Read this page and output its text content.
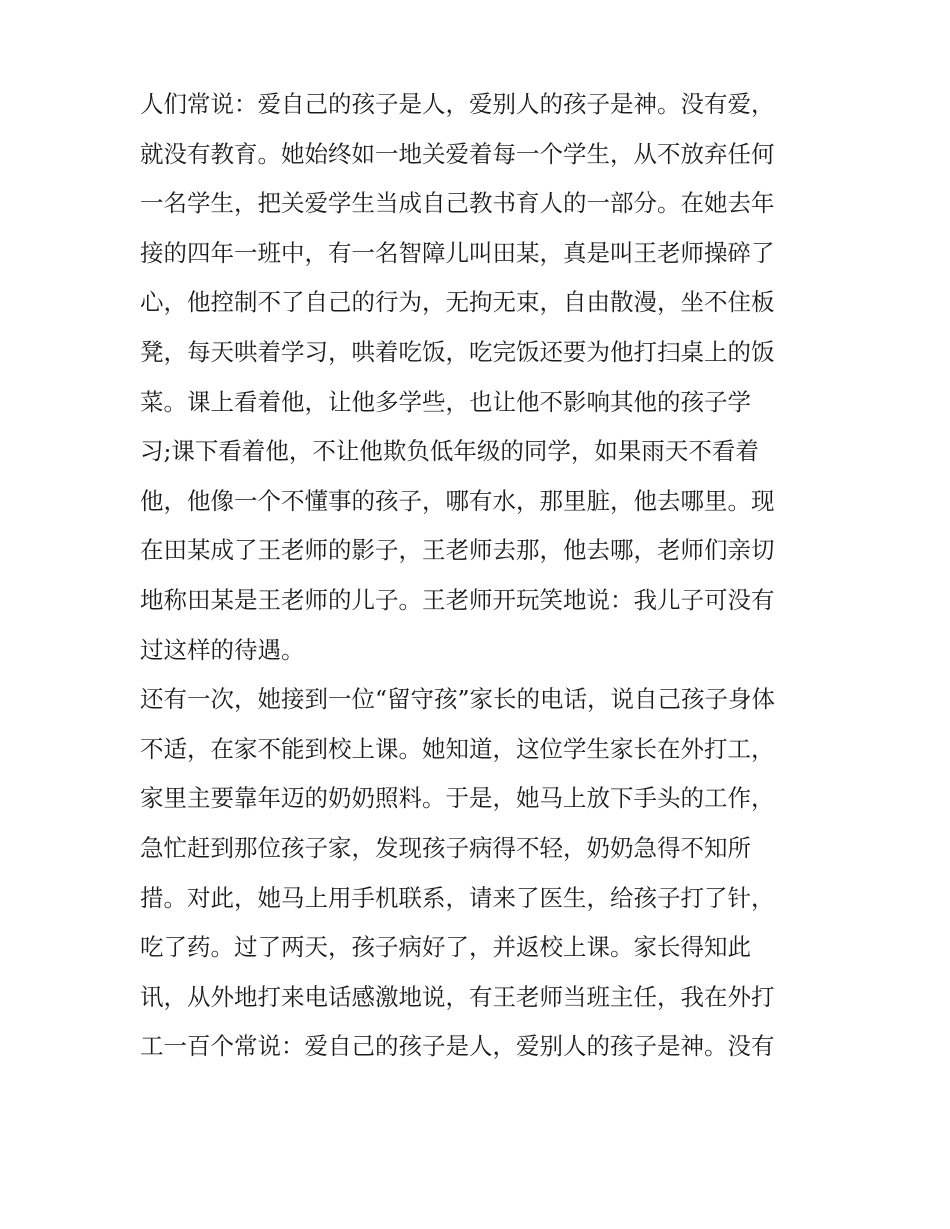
人们常说：爱自己的孩子是人，爱别人的孩子是神。没有爱，
就没有教育。她始终如一地关爱着每一个学生，从不放弃任何
一名学生，把关爱学生当成自己教书育人的一部分。在她去年
接的四年一班中，有一名智障儿叫田某，真是叫王老师操碎了
心，他控制不了自己的行为，无拘无束，自由散漫，坐不住板
凳，每天哄着学习，哄着吃饭，吃完饭还要为他打扫桌上的饭
菜。课上看着他，让他多学些，也让他不影响其他的孩子学
习;课下看着他，不让他欺负低年级的同学，如果雨天不看着
他，他像一个不懂事的孩子，哪有水，那里脏，他去哪里。现
在田某成了王老师的影子，王老师去那，他去哪，老师们亲切
地称田某是王老师的儿子。王老师开玩笑地说：我儿子可没有
过这样的待遇。
还有一次，她接到一位“留守孩”家长的电话，说自己孩子身体
不适，在家不能到校上课。她知道，这位学生家长在外打工，
家里主要靠年迈的奶奶照料。于是，她马上放下手头的工作，
急忙赶到那位孩子家，发现孩子病得不轻，奶奶急得不知所
措。对此，她马上用手机联系，请来了医生，给孩子打了针，
吃了药。过了两天，孩子病好了，并返校上课。家长得知此
讯，从外地打来电话感激地说，有王老师当班主任，我在外打
工一百个常说：爱自己的孩子是人，爱别人的孩子是神。没有
